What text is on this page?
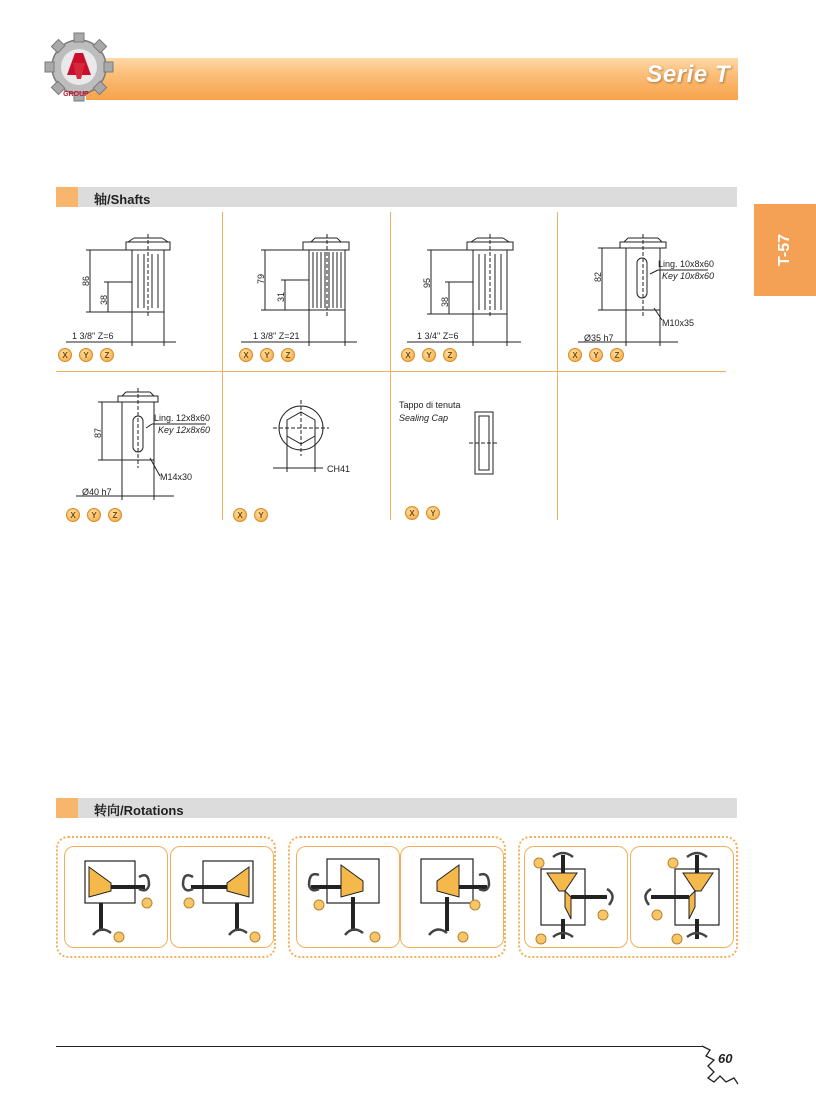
Serie T
GROUP
T-57
轴/Shafts
86
38
1 3/8" Z=6
X	Y	Z
79
31
1 3/8" Z=21
X	Y	Z
95
38
1 3/4" Z=6
X	Y	Z
82
Ling. 10x8x60
Key 10x8x60
M10x35
Ø35 h7
X	Y	Z
87
Ling. 12x8x60
Key 12x8x60
M14x30
Ø40 h7
X	Y	Z
CH41
X	Y
Tappo di tenuta
Sealing Cap
X	Y
转向/Rotations
60
